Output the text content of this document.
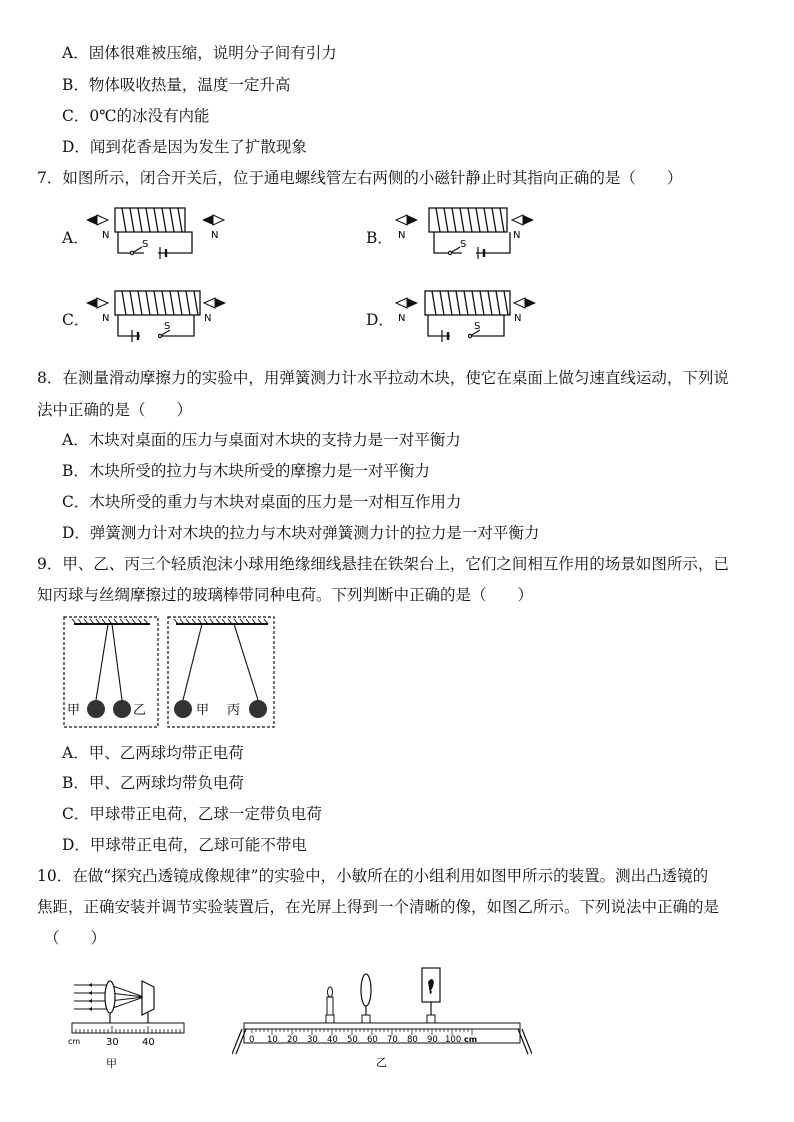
A．固体很难被压缩，说明分子间有引力
B．物体吸收热量，温度一定升高
C．0℃的冰没有内能
D．闻到花香是因为发生了扩散现象
7．如图所示，闭合开关后，位于通电螺线管左右两侧的小磁针静止时其指向正确的是（　　）
A．	B．
C．	D．
N	N
S
N	N
S
N	N
S
N	N
S
8．在测量滑动摩擦力的实验中，用弹簧测力计水平拉动木块，使它在桌面上做匀速直线运动，下列说
法中正确的是（　　）
A．木块对桌面的压力与桌面对木块的支持力是一对平衡力
B．木块所受的拉力与木块所受的摩擦力是一对平衡力
C．木块所受的重力与木块对桌面的压力是一对相互作用力
D．弹簧测力计对木块的拉力与木块对弹簧测力计的拉力是一对平衡力
9．甲、乙、丙三个轻质泡沫小球用绝缘细线悬挂在铁架台上，它们之间相互作用的场景如图所示，已
知丙球与丝绸摩擦过的玻璃棒带同种电荷。下列判断中正确的是（　　）
甲	乙	甲 丙
A．甲、乙两球均带正电荷
B．甲、乙两球均带负电荷
C．甲球带正电荷，乙球一定带负电荷
D．甲球带正电荷，乙球可能不带电
10．在做“探究凸透镜成像规律”的实验中，小敏所在的小组利用如图甲所示的装置。测出凸透镜的
焦距，正确安装并调节实验装置后，在光屏上得到一个清晰的像，如图乙所示。下列说法中正确的是
（　　）
cm	30 40
甲
0 10 20 30 40 50 60 70 80 90 100 cm
乙
